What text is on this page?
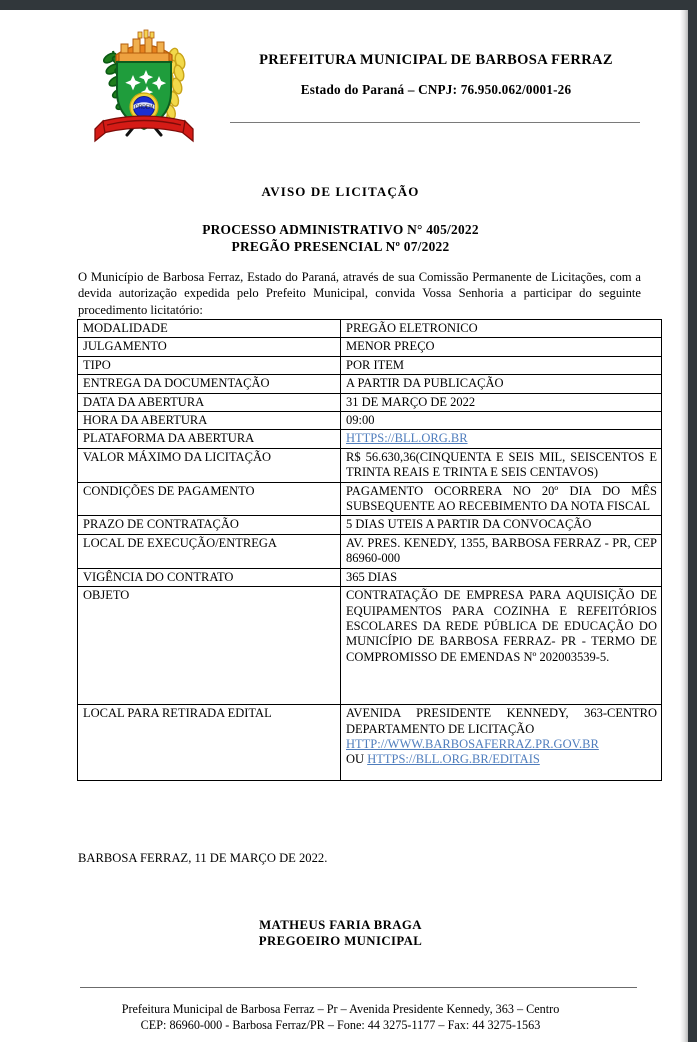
ORDEM
PREFEITURA MUNICIPAL DE BARBOSA FERRAZ
Estado do Paraná – CNPJ: 76.950.062/0001-26
AVISO DE LICITAÇÃO
PROCESSO ADMINISTRATIVO N° 405/2022
PREGÃO PRESENCIAL Nº 07/2022

O Município de Barbosa Ferraz, Estado do Paraná, através de sua Comissão Permanente de Licitações, com a devida autorização expedida pelo Prefeito Municipal, convida Vossa Senhoria a participar do seguinte procedimento licitatório:

MODALIDADE	PREGÃO ELETRONICO
JULGAMENTO	MENOR PREÇO
TIPO	POR ITEM
ENTREGA DA DOCUMENTAÇÃO	A PARTIR DA PUBLICAÇÃO
DATA DA ABERTURA	31 DE MARÇO DE 2022
HORA DA ABERTURA	09:00
PLATAFORMA DA ABERTURA	HTTPS://BLL.ORG.BR
VALOR MÁXIMO DA LICITAÇÃO	R$ 56.630,36(CINQUENTA E SEIS MIL, SEISCENTOS E TRINTA REAIS E TRINTA E SEIS CENTAVOS)
CONDIÇÕES DE PAGAMENTO	PAGAMENTO OCORRERA NO 20º DIA DO MÊS SUBSEQUENTE AO RECEBIMENTO DA NOTA FISCAL
PRAZO DE CONTRATAÇÃO	5 DIAS UTEIS A PARTIR DA CONVOCAÇÃO
LOCAL DE EXECUÇÃO/ENTREGA	AV. PRES. KENEDY, 1355, BARBOSA FERRAZ - PR, CEP 86960-000
VIGÊNCIA DO CONTRATO	365 DIAS
OBJETO	CONTRATAÇÃO DE EMPRESA PARA AQUISIÇÃO DE EQUIPAMENTOS PARA COZINHA E REFEITÓRIOS ESCOLARES DA REDE PÚBLICA DE EDUCAÇÃO DO MUNICÍPIO DE BARBOSA FERRAZ- PR - TERMO DE COMPROMISSO DE EMENDAS Nº 202003539-5.
LOCAL PARA RETIRADA EDITAL	AVENIDA PRESIDENTE KENNEDY, 363-CENTRO DEPARTAMENTO DE LICITAÇÃO
HTTP://WWW.BARBOSAFERRAZ.PR.GOV.BR
OU HTTPS://BLL.ORG.BR/EDITAIS
BARBOSA FERRAZ, 11 DE MARÇO DE 2022.
MATHEUS FARIA BRAGA
PREGOEIRO MUNICIPAL
Prefeitura Municipal de Barbosa Ferraz – Pr – Avenida Presidente Kennedy, 363 – Centro
CEP: 86960-000 - Barbosa Ferraz/PR – Fone: 44 3275-1177 – Fax: 44 3275-1563
